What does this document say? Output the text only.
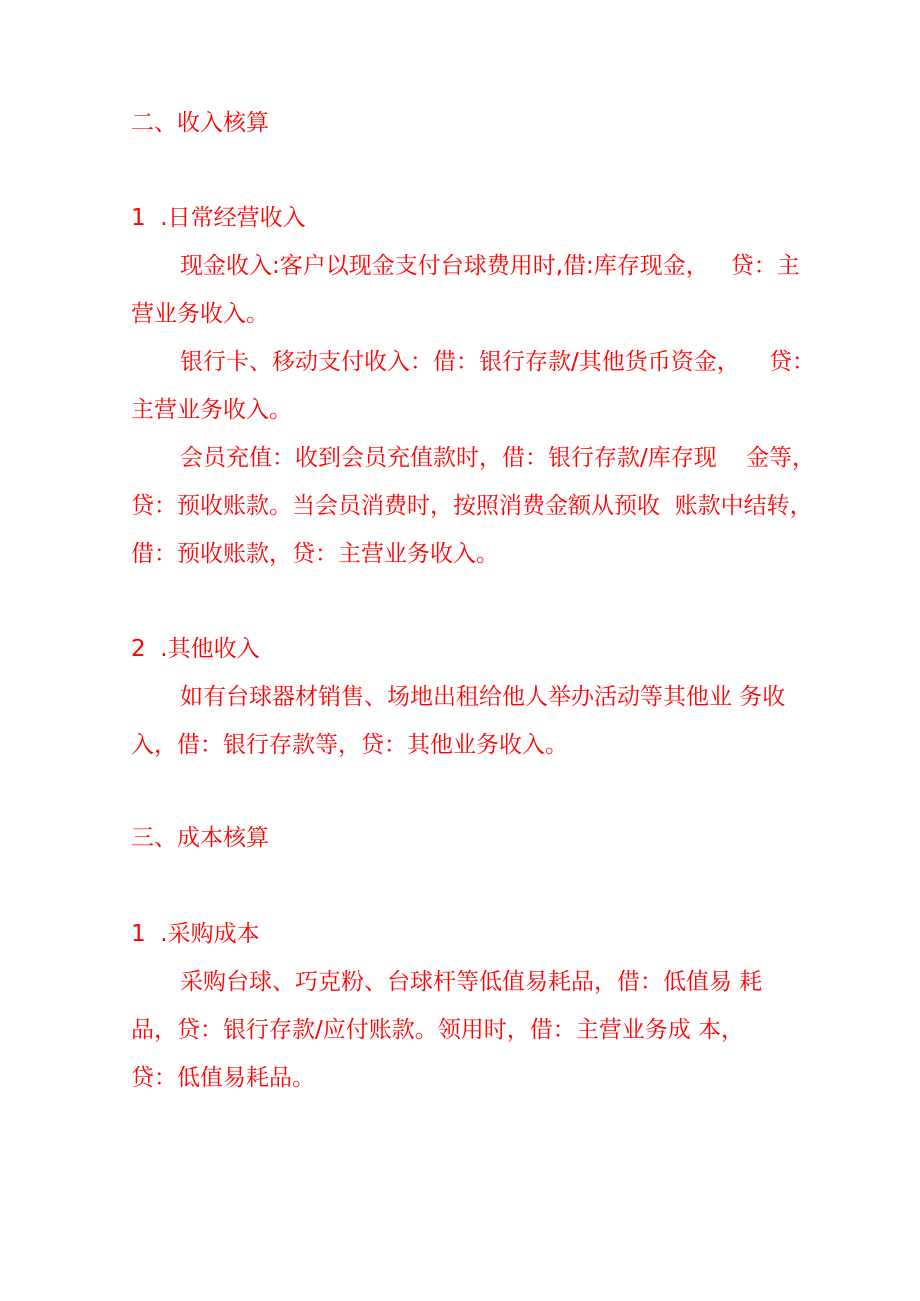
二、收入核算
1  .日常经营收入
现金收入:客户以现金支付台球费用时,借:库存现金，   贷：主
营业务收入。
银行卡、移动支付收入：借：银行存款/其他货币资金，    贷：
主营业务收入。
会员充值：收到会员充值款时，借：银行存款/库存现    金等，
贷：预收账款。当会员消费时，按照消费金额从预收  账款中结转，
借：预收账款，贷：主营业务收入。
2  .其他收入
如有台球器材销售、场地出租给他人举办活动等其他业 务收
入，借：银行存款等，贷：其他业务收入。
三、成本核算
1  .采购成本
采购台球、巧克粉、台球杆等低值易耗品，借：低值易 耗
品，贷：银行存款/应付账款。领用时，借：主营业务成 本，
贷：低值易耗品。
